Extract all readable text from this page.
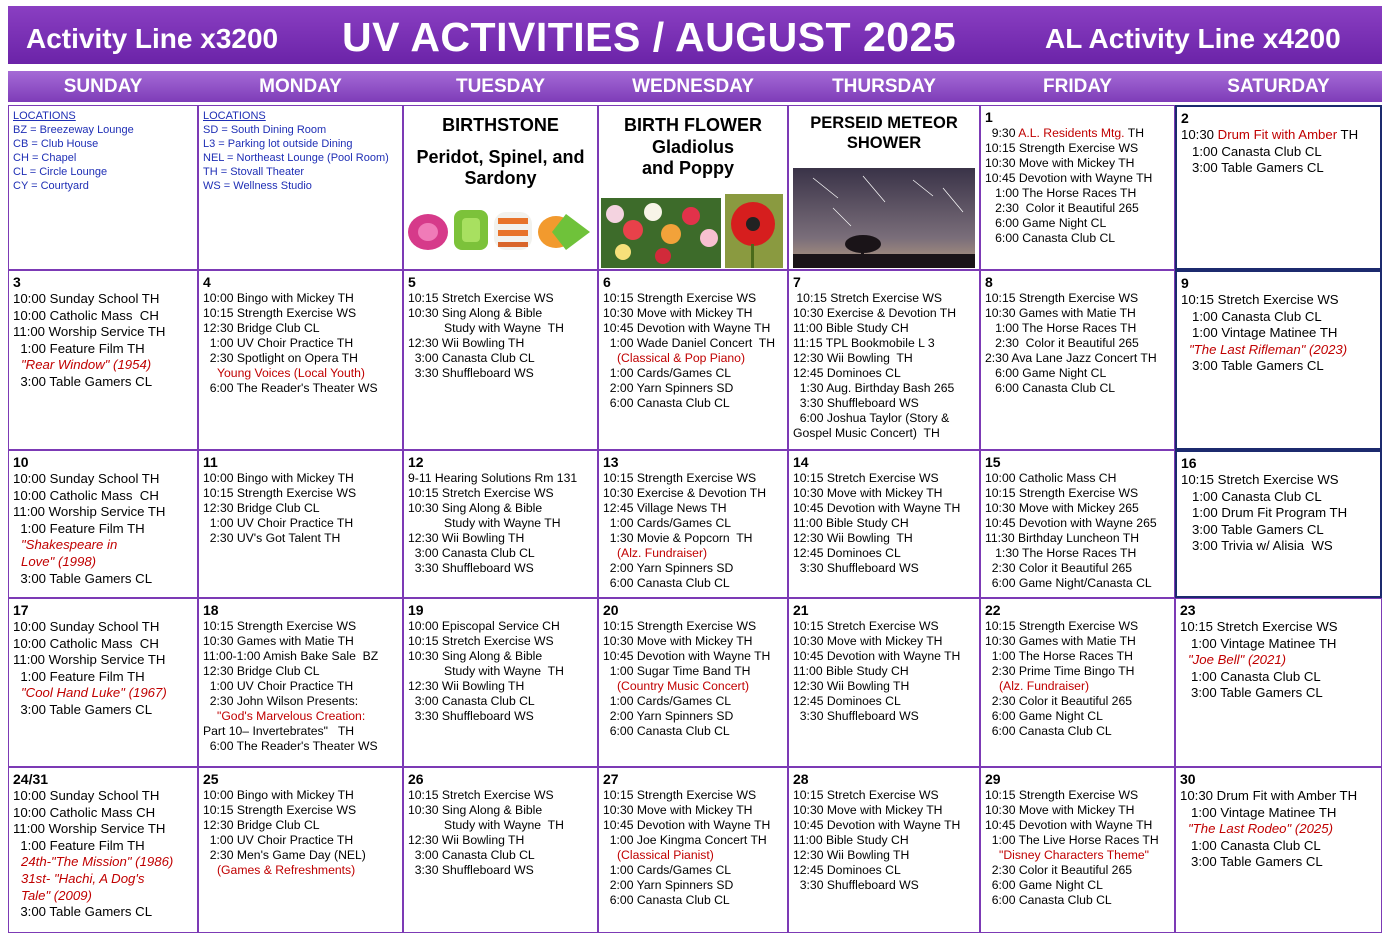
Activity Line x3200 UV ACTIVITIES / AUGUST 2025	AL Activity Line x4200
SUNDAY	MONDAY	TUESDAY	WEDNESDAY	THURSDAY	FRIDAY	SATURDAY
LOCATIONS
BZ = Breezeway Lounge
CB = Club House
CH = Chapel
CL = Circle Lounge
CY = Courtyard
LOCATIONS
SD = South Dining Room
L3 = Parking lot outside Dining
NEL = Northeast Lounge (Pool Room)
TH = Stovall Theater
WS = Wellness Studio
BIRTHSTONE
Peridot, Spinel, and Sardony
BIRTH FLOWER
Gladiolus
and Poppy
PERSEID METEOR SHOWER
1
9:30 A.L. Residents Mtg. TH
10:15 Strength Exercise WS
10:30 Move with Mickey TH
10:45 Devotion with Wayne TH
1:00 The Horse Races TH
2:30  Color it Beautiful 265
6:00 Game Night CL
6:00 Canasta Club CL
2
10:30 Drum Fit with Amber TH
1:00 Canasta Club CL
3:00 Table Gamers CL
3
10:00 Sunday School TH
10:00 Catholic Mass  CH
11:00 Worship Service TH
1:00 Feature Film TH
"Rear Window" (1954)
3:00 Table Gamers CL
4
10:00 Bingo with Mickey TH
10:15 Strength Exercise WS
12:30 Bridge Club CL
1:00 UV Choir Practice TH
2:30 Spotlight on Opera TH
Young Voices (Local Youth)
6:00 The Reader's Theater WS
5
10:15 Stretch Exercise WS
10:30 Sing Along & Bible
Study with Wayne  TH
12:30 Wii Bowling TH
3:00 Canasta Club CL
3:30 Shuffleboard WS
6
10:15 Strength Exercise WS
10:30 Move with Mickey TH
10:45 Devotion with Wayne TH
1:00 Wade Daniel Concert  TH
(Classical & Pop Piano)
1:00 Cards/Games CL
2:00 Yarn Spinners SD
6:00 Canasta Club CL
7
10:15 Stretch Exercise WS
10:30 Exercise & Devotion TH
11:00 Bible Study CH
11:15 TPL Bookmobile L 3
12:30 Wii Bowling  TH
12:45 Dominoes CL
1:30 Aug. Birthday Bash 265
3:30 Shuffleboard WS
6:00 Joshua Taylor (Story &
Gospel Music Concert)  TH
8
10:15 Strength Exercise WS
10:30 Games with Matie TH
1:00 The Horse Races TH
2:30  Color it Beautiful 265
2:30 Ava Lane Jazz Concert TH
6:00 Game Night CL
6:00 Canasta Club CL
9
10:15 Stretch Exercise WS
1:00 Canasta Club CL
1:00 Vintage Matinee TH
"The Last Rifleman" (2023)
3:00 Table Gamers CL
10
10:00 Sunday School TH
10:00 Catholic Mass  CH
11:00 Worship Service TH
1:00 Feature Film TH
"Shakespeare in
Love" (1998)
3:00 Table Gamers CL
11
10:00 Bingo with Mickey TH
10:15 Strength Exercise WS
12:30 Bridge Club CL
1:00 UV Choir Practice TH
2:30 UV's Got Talent TH
12
9-11 Hearing Solutions Rm 131
10:15 Stretch Exercise WS
10:30 Sing Along & Bible
Study with Wayne TH
12:30 Wii Bowling TH
3:00 Canasta Club CL
3:30 Shuffleboard WS
13
10:15 Strength Exercise WS
10:30 Exercise & Devotion TH
12:45 Village News TH
1:00 Cards/Games CL
1:30 Movie & Popcorn  TH
(Alz. Fundraiser)
2:00 Yarn Spinners SD
6:00 Canasta Club CL
14
10:15 Stretch Exercise WS
10:30 Move with Mickey TH
10:45 Devotion with Wayne TH
11:00 Bible Study CH
12:30 Wii Bowling  TH
12:45 Dominoes CL
3:30 Shuffleboard WS
15
10:00 Catholic Mass CH
10:15 Strength Exercise WS
10:30 Move with Mickey 265
10:45 Devotion with Wayne 265
11:30 Birthday Luncheon TH
1:30 The Horse Races TH
2:30 Color it Beautiful 265
6:00 Game Night/Canasta CL
16
10:15 Stretch Exercise WS
1:00 Canasta Club CL
1:00 Drum Fit Program TH
3:00 Table Gamers CL
3:00 Trivia w/ Alisia  WS
17
10:00 Sunday School TH
10:00 Catholic Mass  CH
11:00 Worship Service TH
1:00 Feature Film TH
"Cool Hand Luke" (1967)
3:00 Table Gamers CL
18
10:15 Strength Exercise WS
10:30 Games with Matie TH
11:00-1:00 Amish Bake Sale  BZ
12:30 Bridge Club CL
1:00 UV Choir Practice TH
2:30 John Wilson Presents:
"God's Marvelous Creation:
Part 10– Invertebrates"   TH
6:00 The Reader's Theater WS
19
10:00 Episcopal Service CH
10:15 Stretch Exercise WS
10:30 Sing Along & Bible
Study with Wayne  TH
12:30 Wii Bowling TH
3:00 Canasta Club CL
3:30 Shuffleboard WS
20
10:15 Strength Exercise WS
10:30 Move with Mickey TH
10:45 Devotion with Wayne TH
1:00 Sugar Time Band TH
(Country Music Concert)
1:00 Cards/Games CL
2:00 Yarn Spinners SD
6:00 Canasta Club CL
21
10:15 Stretch Exercise WS
10:30 Move with Mickey TH
10:45 Devotion with Wayne TH
11:00 Bible Study CH
12:30 Wii Bowling TH
12:45 Dominoes CL
3:30 Shuffleboard WS
22
10:15 Strength Exercise WS
10:30 Games with Matie TH
1:00 The Horse Races TH
2:30 Prime Time Bingo TH
(Alz. Fundraiser)
2:30 Color it Beautiful 265
6:00 Game Night CL
6:00 Canasta Club CL
23
10:15 Stretch Exercise WS
1:00 Vintage Matinee TH
"Joe Bell" (2021)
1:00 Canasta Club CL
3:00 Table Gamers CL
24/31
10:00 Sunday School TH
10:00 Catholic Mass CH
11:00 Worship Service TH
1:00 Feature Film TH
24th-"The Mission" (1986)
31st- "Hachi, A Dog's
Tale" (2009)
3:00 Table Gamers CL
25
10:00 Bingo with Mickey TH
10:15 Strength Exercise WS
12:30 Bridge Club CL
1:00 UV Choir Practice TH
2:30 Men's Game Day (NEL)
(Games & Refreshments)
26
10:15 Stretch Exercise WS
10:30 Sing Along & Bible
Study with Wayne  TH
12:30 Wii Bowling TH
3:00 Canasta Club CL
3:30 Shuffleboard WS
27
10:15 Strength Exercise WS
10:30 Move with Mickey TH
10:45 Devotion with Wayne TH
1:00 Joe Kingma Concert TH
(Classical Pianist)
1:00 Cards/Games CL
2:00 Yarn Spinners SD
6:00 Canasta Club CL
28
10:15 Stretch Exercise WS
10:30 Move with Mickey TH
10:45 Devotion with Wayne TH
11:00 Bible Study CH
12:30 Wii Bowling TH
12:45 Dominoes CL
3:30 Shuffleboard WS
29
10:15 Strength Exercise WS
10:30 Move with Mickey TH
10:45 Devotion with Wayne TH
1:00 The Live Horse Races TH
"Disney Characters Theme"
2:30 Color it Beautiful 265
6:00 Game Night CL
6:00 Canasta Club CL
30
10:30 Drum Fit with Amber TH
1:00 Vintage Matinee TH
"The Last Rodeo" (2025)
1:00 Canasta Club CL
3:00 Table Gamers CL
